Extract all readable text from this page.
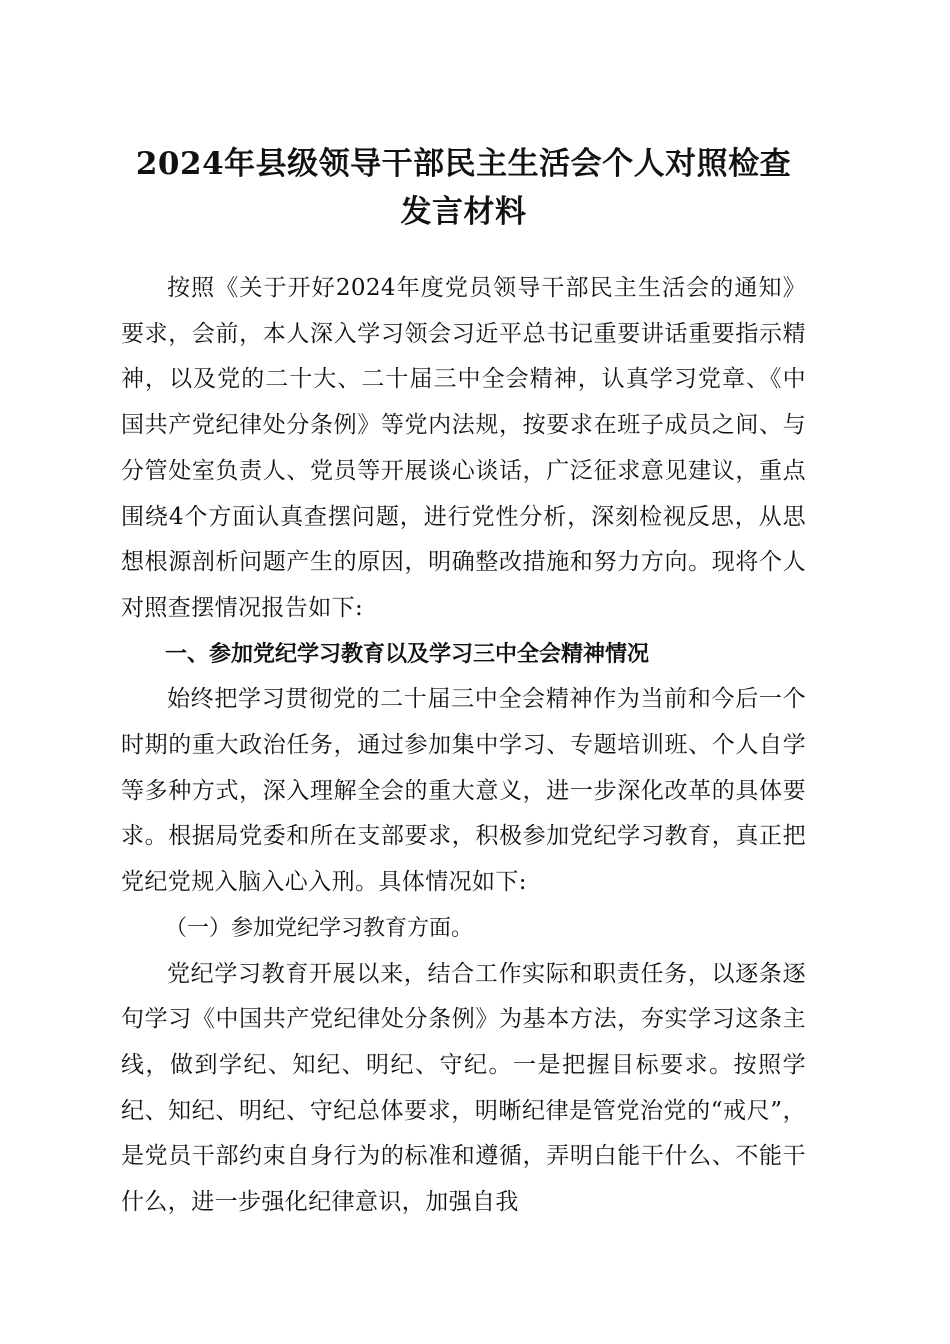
2024年县级领导干部民主生活会个人对照检查发言材料

按照《关于开好2024年度党员领导干部民主生活会的通知》要求，会前，本人深入学习领会习近平总书记重要讲话重要指示精神，以及党的二十大、二十届三中全会精神，认真学习党章、《中国共产党纪律处分条例》等党内法规，按要求在班子成员之间、与分管处室负责人、党员等开展谈心谈话，广泛征求意见建议，重点围绕4个方面认真查摆问题，进行党性分析，深刻检视反思，从思想根源剖析问题产生的原因，明确整改措施和努力方向。现将个人对照查摆情况报告如下:

一、参加党纪学习教育以及学习三中全会精神情况

始终把学习贯彻党的二十届三中全会精神作为当前和今后一个时期的重大政治任务，通过参加集中学习、专题培训班、个人自学等多种方式，深入理解全会的重大意义，进一步深化改革的具体要求。根据局党委和所在支部要求，积极参加党纪学习教育，真正把党纪党规入脑入心入刑。具体情况如下:

（一）参加党纪学习教育方面。

党纪学习教育开展以来，结合工作实际和职责任务，以逐条逐句学习《中国共产党纪律处分条例》为基本方法，夯实学习这条主线，做到学纪、知纪、明纪、守纪。一是把握目标要求。按照学纪、知纪、明纪、守纪总体要求，明晰纪律是管党治党的“戒尺”，是党员干部约束自身行为的标准和遵循，弄明白能干什么、不能干什么，进一步强化纪律意识，加强自我
